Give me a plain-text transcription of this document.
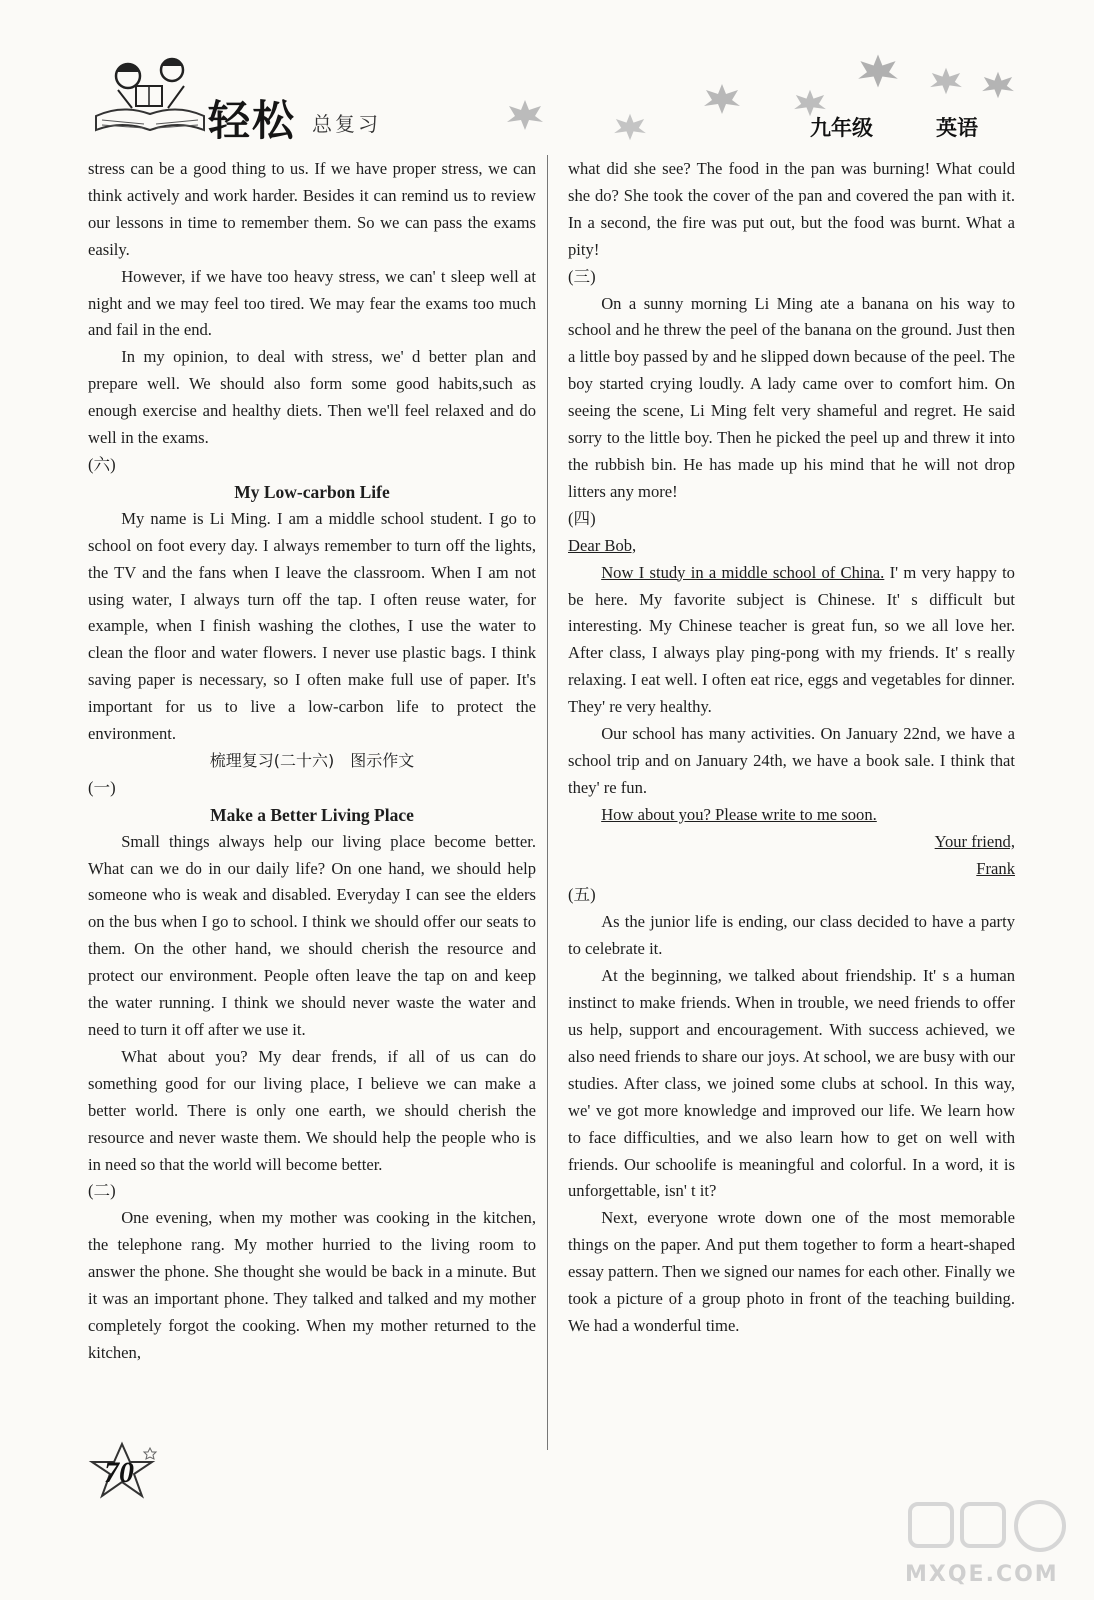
轻松 总复习	九年级	英语

stress can be a good thing to us. If we have proper stress, we can think actively and work harder. Besides it can remind us to review our lessons in time to remember them. So we can pass the exams easily.

However, if we have too heavy stress, we can' t sleep well at night and we may feel too tired. We may fear the exams too much and fail in the end.

In my opinion, to deal with stress, we' d better plan and prepare well. We should also form some good habits,such as enough exercise and healthy diets. Then we'll feel relaxed and do well in the exams.

(六)
My Low-carbon Life

My name is Li Ming. I am a middle school student. I go to school on foot every day. I always remember to turn off the lights, the TV and the fans when I leave the classroom. When I am not using water, I always turn off the tap. I often reuse water, for example, when I finish washing the clothes, I use the water to clean the floor and water flowers. I never use plastic bags. I think saving paper is necessary, so I often make full use of paper. It's important for us to live a low-carbon life to protect the environment.

梳理复习(二十六)　图示作文
(一)
Make a Better Living Place

Small things always help our living place become better. What can we do in our daily life? On one hand, we should help someone who is weak and disabled. Everyday I can see the elders on the bus when I go to school. I think we should offer our seats to them. On the other hand, we should cherish the resource and protect our environment. People often leave the tap on and keep the water running. I think we should never waste the water and need to turn it off after we use it.

What about you? My dear frends, if all of us can do something good for our living place, I believe we can make a better world. There is only one earth, we should cherish the resource and never waste them. We should help the people who is in need so that the world will become better.

(二)

One evening, when my mother was cooking in the kitchen, the telephone rang. My mother hurried to the living room to answer the phone. She thought she would be back in a minute. But it was an important phone. They talked and talked and my mother completely forgot the cooking. When my mother returned to the kitchen,

what did she see? The food in the pan was burning! What could she do? She took the cover of the pan and covered the pan with it. In a second, the fire was put out, but the food was burnt. What a pity!

(三)

On a sunny morning Li Ming ate a banana on his way to school and he threw the peel of the banana on the ground. Just then a little boy passed by and he slipped down because of the peel. The boy started crying loudly. A lady came over to comfort him. On seeing the scene, Li Ming felt very shameful and regret. He said sorry to the little boy. Then he picked the peel up and threw it into the rubbish bin. He has made up his mind that he will not drop litters any more!

(四)
Dear Bob,

Now I study in a middle school of China. I' m very happy to be here. My favorite subject is Chinese. It' s difficult but interesting. My Chinese teacher is great fun, so we all love her. After class, I always play ping-pong with my friends. It' s really relaxing. I eat well. I often eat rice, eggs and vegetables for dinner. They' re very healthy.

Our school has many activities. On January 22nd, we have a school trip and on January 24th, we have a book sale. I think that they' re fun.

How about you? Please write to me soon.

Your friend,
Frank
(五)

As the junior life is ending, our class decided to have a party to celebrate it.

At the beginning, we talked about friendship. It' s a human instinct to make friends. When in trouble, we need friends to offer us help, support and encouragement. With success achieved, we also need friends to share our joys. At school, we are busy with our studies. After class, we joined some clubs at school. In this way, we' ve got more knowledge and improved our life. We learn how to face difficulties, and we also learn how to get on well with friends. Our schoolife is meaningful and colorful. In a word, it is unforgettable, isn' t it?

Next, everyone wrote down one of the most memorable things on the paper. And put them together to form a heart-shaped essay pattern. Then we signed our names for each other. Finally we took a picture of a group photo in front of the teaching building. We had a wonderful time.

70
MXQE.COM
